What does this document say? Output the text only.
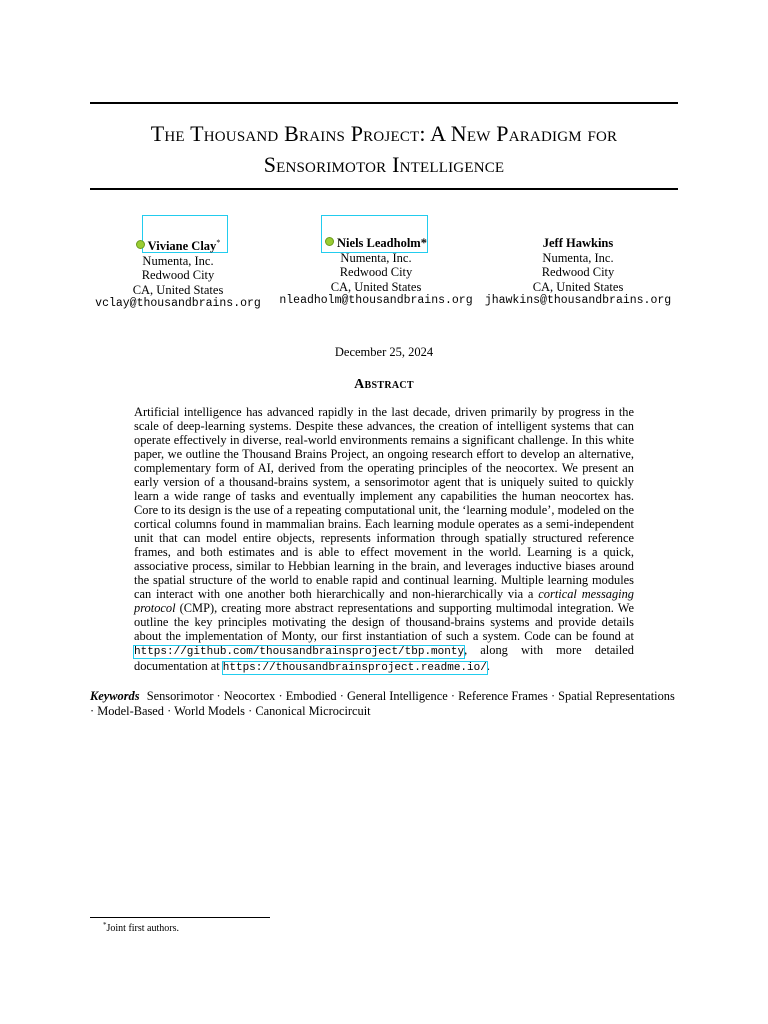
The Thousand Brains Project: A New Paradigm for
Sensorimotor Intelligence
Viviane Clay*
Numenta, Inc.
Redwood City
CA, United States
vclay@thousandbrains.org
Niels Leadholm*
Numenta, Inc.
Redwood City
CA, United States
nleadholm@thousandbrains.org
Jeff Hawkins
Numenta, Inc.
Redwood City
CA, United States
jhawkins@thousandbrains.org
December 25, 2024
Abstract
Artificial intelligence has advanced rapidly in the last decade, driven primarily by progress in the scale of deep-learning systems. Despite these advances, the creation of intelligent systems that can operate effectively in diverse, real-world environments remains a significant challenge. In this white paper, we outline the Thousand Brains Project, an ongoing research effort to develop an alternative, complementary form of AI, derived from the operating principles of the neocortex. We present an early version of a thousand-brains system, a sensorimotor agent that is uniquely suited to quickly learn a wide range of tasks and eventually implement any capabilities the human neocortex has. Core to its design is the use of a repeating computational unit, the ‘learning module’, modeled on the cortical columns found in mammalian brains. Each learning module operates as a semi-independent unit that can model entire objects, represents information through spatially structured reference frames, and both estimates and is able to effect movement in the world. Learning is a quick, associative process, similar to Hebbian learning in the brain, and leverages inductive biases around the spatial structure of the world to enable rapid and continual learning. Multiple learning modules can interact with one another both hierarchically and non-hierarchically via a cortical messaging protocol (CMP), creating more abstract representations and supporting multimodal integration. We outline the key principles motivating the design of thousand-brains systems and provide details about the implementation of Monty, our first instantiation of such a system. Code can be found at https://github.com/thousandbrainsproject/tbp.monty, along with more detailed documentation at https://thousandbrainsproject.readme.io/.
Keywords Sensorimotor · Neocortex · Embodied · General Intelligence · Reference Frames · Spatial Representations · Model-Based · World Models · Canonical Microcircuit
*Joint first authors.
